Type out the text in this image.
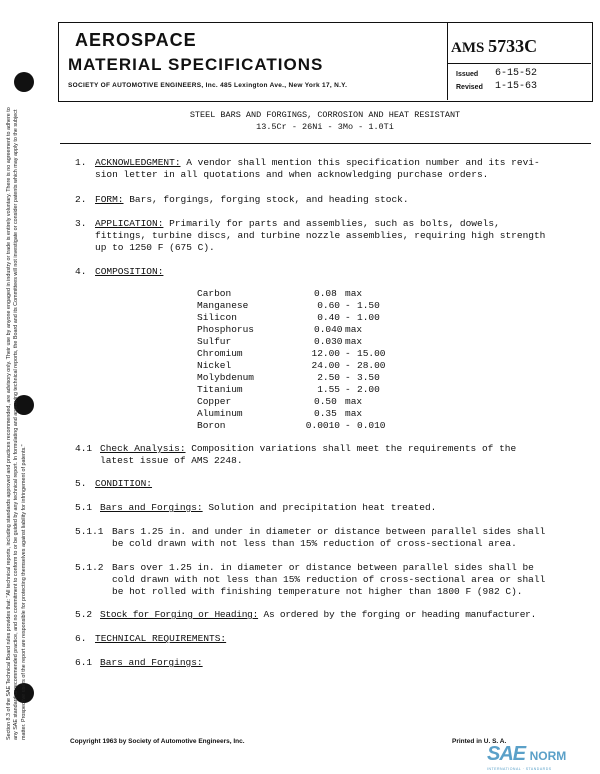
AEROSPACE
MATERIAL SPECIFICATIONS
SOCIETY OF AUTOMOTIVE ENGINEERS, Inc. 485 Lexington Ave., New York 17, N.Y.
AMS 5733C
Issued 6-15-52
Revised 1-15-63
STEEL BARS AND FORGINGS, CORROSION AND HEAT RESISTANT
13.5Cr - 26Ni - 3Mo - 1.0Ti
1. ACKNOWLEDGMENT: A vendor shall mention this specification number and its revi-
sion letter in all quotations and when acknowledging purchase orders.
2. FORM: Bars, forgings, forging stock, and heading stock.
3. APPLICATION: Primarily for parts and assemblies, such as bolts, dowels,
fittings, turbine discs, and turbine nozzle assemblies, requiring high strength
up to 1250 F (675 C).
4. COMPOSITION:
Carbon	0.08 max
Manganese	0.60 - 1.50
Silicon	0.40 - 1.00
Phosphorus	0.040 max
Sulfur	0.030 max
Chromium	12.00 - 15.00
Nickel	24.00 - 28.00
Molybdenum	2.50 - 3.50
Titanium	1.55 - 2.00
Copper	0.50 max
Aluminum	0.35 max
Boron	0.0010 - 0.010
4.1 Check Analysis: Composition variations shall meet the requirements of the
latest issue of AMS 2248.
5. CONDITION:
5.1 Bars and Forgings: Solution and precipitation heat treated.
5.1.1 Bars 1.25 in. and under in diameter or distance between parallel sides shall
be cold drawn with not less than 15% reduction of cross-sectional area.
5.1.2 Bars over 1.25 in. in diameter or distance between parallel sides shall be
cold drawn with not less than 15% reduction of cross-sectional area or shall
be hot rolled with finishing temperature not higher than 1800 F (982 C).
5.2 Stock for Forging or Heading: As ordered by the forging or heading manufacturer.
6. TECHNICAL REQUIREMENTS:
6.1 Bars and Forgings:
Section 8.3 of the SAE Technical Board rules provides that: "All technical reports, including standards approved and practices recommended, are advisory only. Their use by anyone engaged in industry or trade is entirely voluntary. There is no agreement to adhere to any SAE standard or recommended practice, and no commitment to conform to or be guided by any technical report. In formulating and approving technical reports, the Board and its Committees will not investigate or consider patents which may apply to the subject matter. Prospective users of the report are responsible for protecting themselves against liability for infringement of patents."
Copyright 1963 by Society of Automotive Engineers, Inc.	Printed in U. S. A.
SAE NORM
INTERNATIONAL · STANDARDS
